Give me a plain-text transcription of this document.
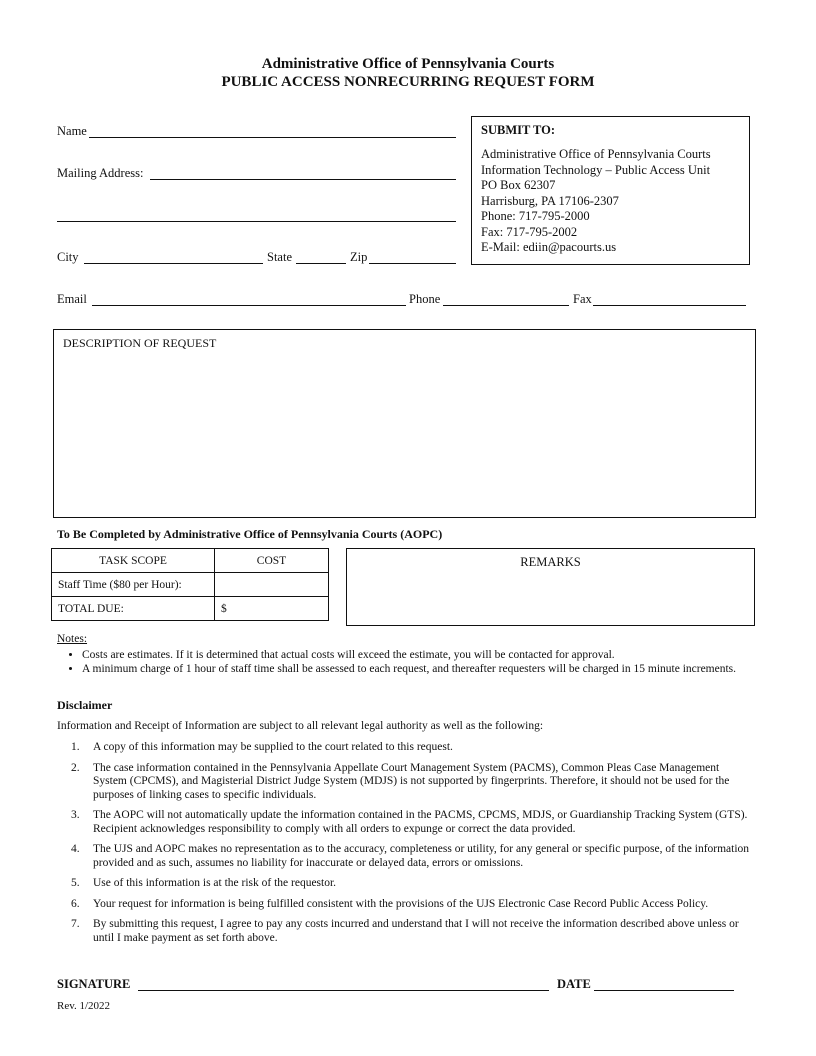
Administrative Office of Pennsylvania Courts
PUBLIC ACCESS NONRECURRING REQUEST FORM
Name
Mailing Address:
City	State	Zip
SUBMIT TO:
Administrative Office of Pennsylvania Courts
Information Technology – Public Access Unit
PO Box 62307
Harrisburg, PA 17106-2307
Phone: 717-795-2000
Fax: 717-795-2002
E-Mail: ediin@pacourts.us
Email	Phone	Fax
DESCRIPTION OF REQUEST
To Be Completed by Administrative Office of Pennsylvania Courts (AOPC)
TASK SCOPE	COST
Staff Time ($80 per Hour):	
TOTAL DUE:	$
REMARKS
Notes:
• Costs are estimates. If it is determined that actual costs will exceed the estimate, you will be contacted for approval.
• A minimum charge of 1 hour of staff time shall be assessed to each request, and thereafter requesters will be charged in 15 minute increments.
Disclaimer
Information and Receipt of Information are subject to all relevant legal authority as well as the following:
1. A copy of this information may be supplied to the court related to this request.
2. The case information contained in the Pennsylvania Appellate Court Management System (PACMS), Common Pleas Case Management System (CPCMS), and Magisterial District Judge System (MDJS) is not supported by fingerprints. Therefore, it should not be used for the purposes of linking cases to specific individuals.
3. The AOPC will not automatically update the information contained in the PACMS, CPCMS, MDJS, or Guardianship Tracking System (GTS). Recipient acknowledges responsibility to comply with all orders to expunge or correct the data provided.
4. The UJS and AOPC makes no representation as to the accuracy, completeness or utility, for any general or specific purpose, of the information provided and as such, assumes no liability for inaccurate or delayed data, errors or omissions.
5. Use of this information is at the risk of the requestor.
6. Your request for information is being fulfilled consistent with the provisions of the UJS Electronic Case Record Public Access Policy.
7. By submitting this request, I agree to pay any costs incurred and understand that I will not receive the information described above unless or until I make payment as set forth above.
SIGNATURE	DATE
Rev. 1/2022
